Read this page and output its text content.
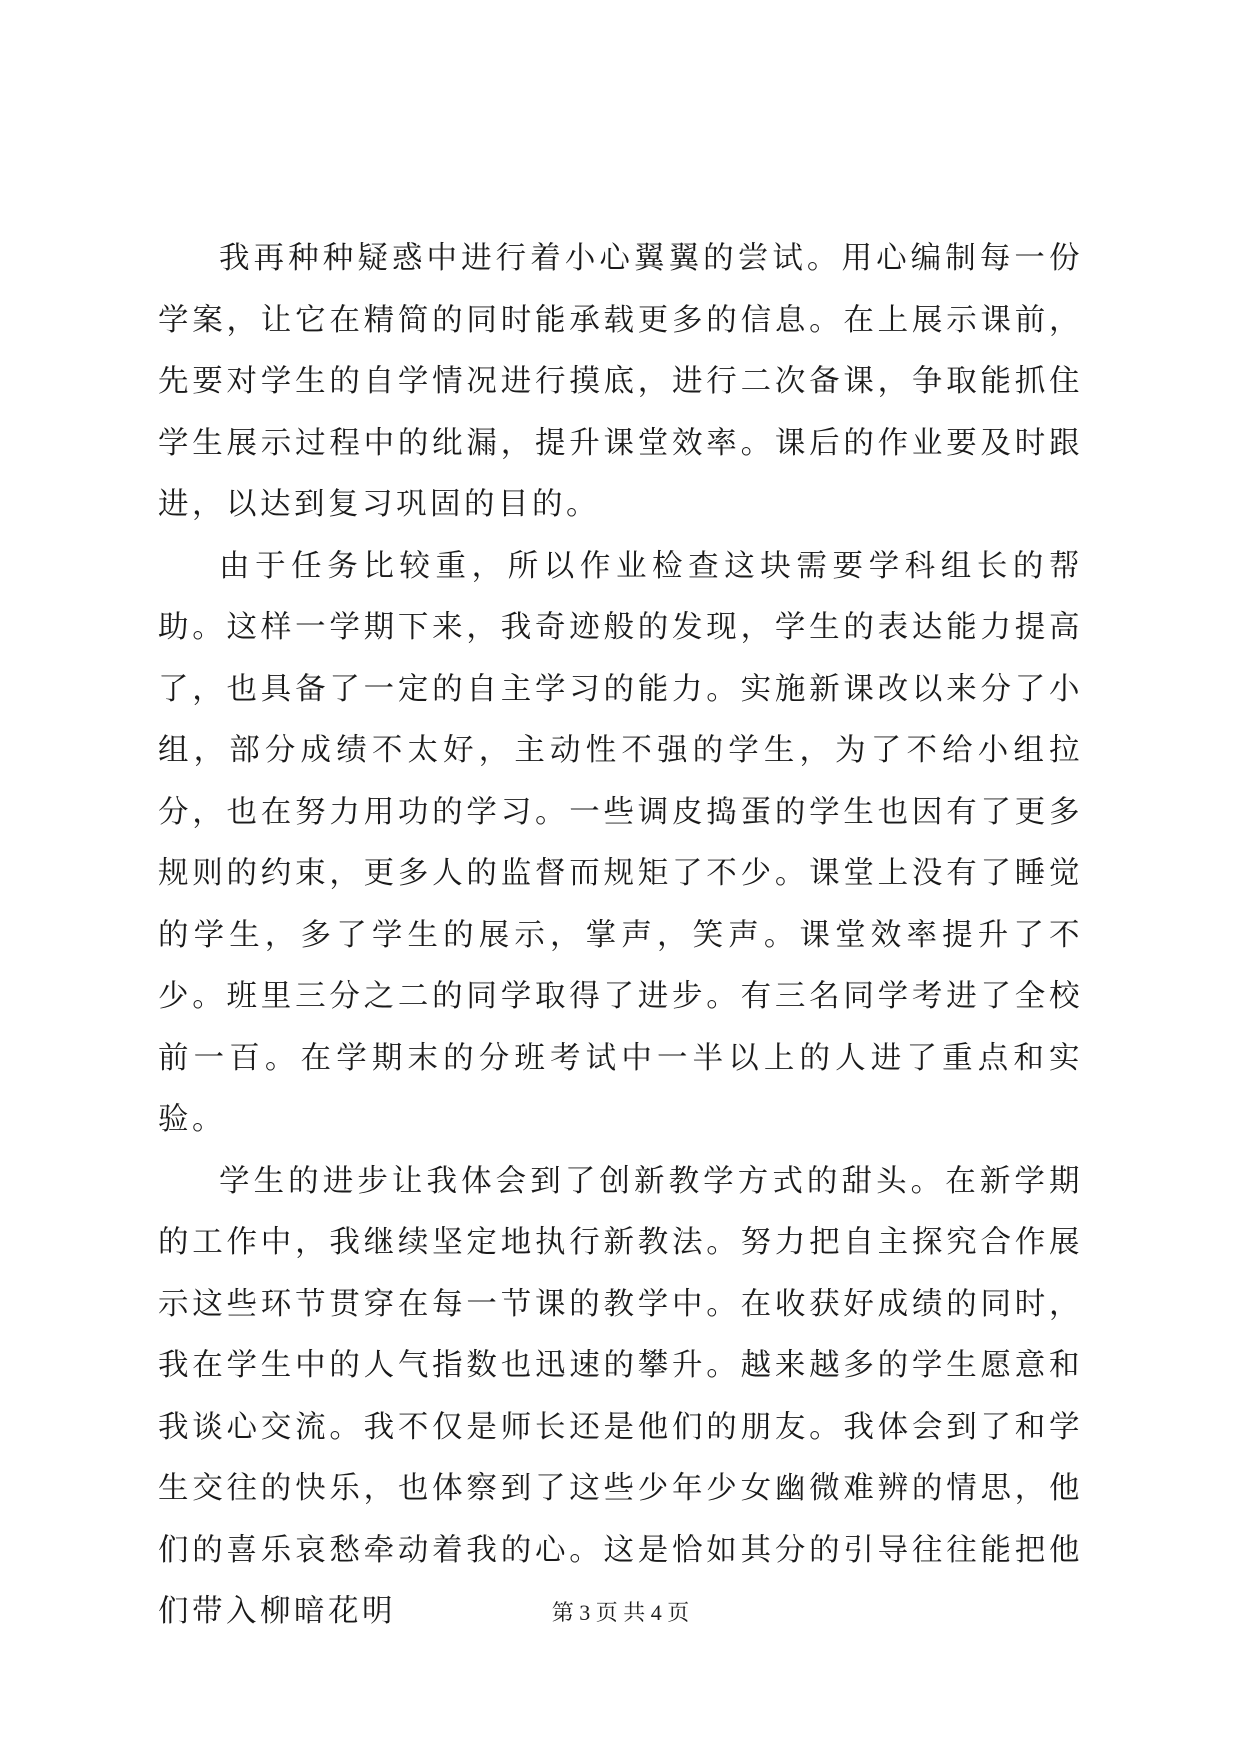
我再种种疑惑中进行着小心翼翼的尝试。用心编制每一份学案，让它在精简的同时能承载更多的信息。在上展示课前，先要对学生的自学情况进行摸底，进行二次备课，争取能抓住学生展示过程中的纰漏，提升课堂效率。课后的作业要及时跟进，以达到复习巩固的目的。

由于任务比较重，所以作业检查这块需要学科组长的帮助。这样一学期下来，我奇迹般的发现，学生的表达能力提高了，也具备了一定的自主学习的能力。实施新课改以来分了小组，部分成绩不太好，主动性不强的学生，为了不给小组拉分，也在努力用功的学习。一些调皮捣蛋的学生也因有了更多规则的约束，更多人的监督而规矩了不少。课堂上没有了睡觉的学生，多了学生的展示，掌声，笑声。课堂效率提升了不少。班里三分之二的同学取得了进步。有三名同学考进了全校前一百。在学期末的分班考试中一半以上的人进了重点和实验。

学生的进步让我体会到了创新教学方式的甜头。在新学期的工作中，我继续坚定地执行新教法。努力把自主探究合作展示这些环节贯穿在每一节课的教学中。在收获好成绩的同时，我在学生中的人气指数也迅速的攀升。越来越多的学生愿意和我谈心交流。我不仅是师长还是他们的朋友。我体会到了和学生交往的快乐，也体察到了这些少年少女幽微难辨的情思，他们的喜乐哀愁牵动着我的心。这是恰如其分的引导往往能把他们带入柳暗花明	第 3 页 共 4 页
